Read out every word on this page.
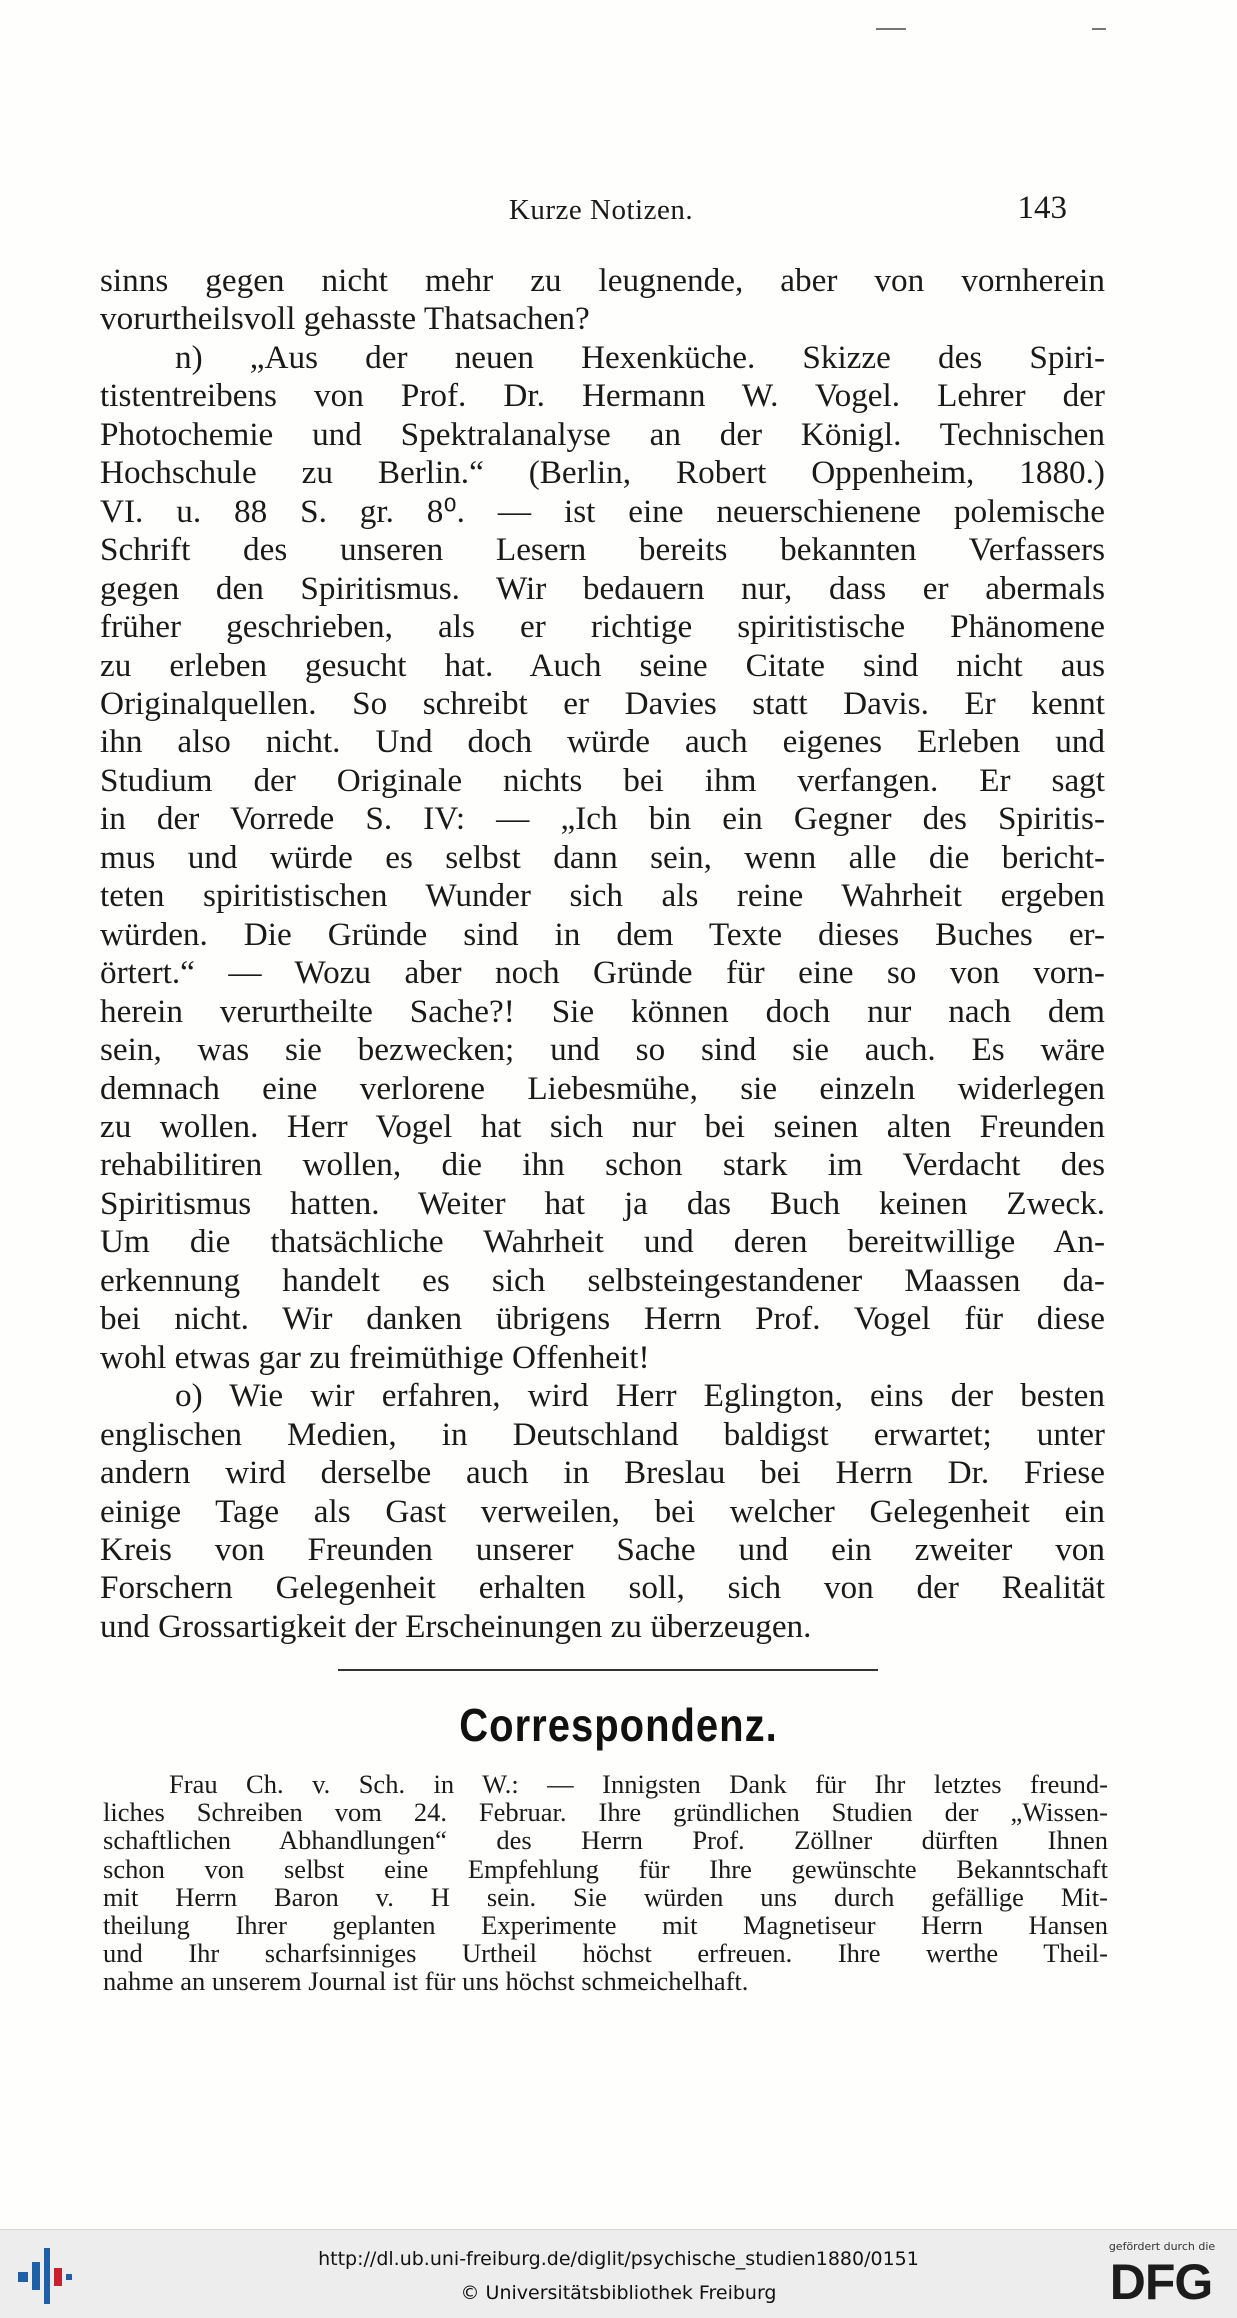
Kurze Notizen.	143
sinns gegen nicht mehr zu leugnende, aber von vornherein
vorurtheilsvoll gehasste Thatsachen?
n) „Aus der neuen Hexenküche. Skizze des Spiri-
tistentreibens von Prof. Dr. Hermann W. Vogel. Lehrer der
Photochemie und Spektralanalyse an der Königl. Technischen
Hochschule zu Berlin.“ (Berlin, Robert Oppenheim, 1880.)
VI. u. 88 S. gr. 8⁰. — ist eine neuerschienene polemische
Schrift des unseren Lesern bereits bekannten Verfassers
gegen den Spiritismus. Wir bedauern nur, dass er abermals
früher geschrieben, als er richtige spiritistische Phänomene
zu erleben gesucht hat. Auch seine Citate sind nicht aus
Originalquellen. So schreibt er Davies statt Davis. Er kennt
ihn also nicht. Und doch würde auch eigenes Erleben und
Studium der Originale nichts bei ihm verfangen. Er sagt
in der Vorrede S. IV: — „Ich bin ein Gegner des Spiritis-
mus und würde es selbst dann sein, wenn alle die bericht-
teten spiritistischen Wunder sich als reine Wahrheit ergeben
würden. Die Gründe sind in dem Texte dieses Buches er-
örtert.“ — Wozu aber noch Gründe für eine so von vorn-
herein verurtheilte Sache?! Sie können doch nur nach dem
sein, was sie bezwecken; und so sind sie auch. Es wäre
demnach eine verlorene Liebesmühe, sie einzeln widerlegen
zu wollen. Herr Vogel hat sich nur bei seinen alten Freunden
rehabilitiren wollen, die ihn schon stark im Verdacht des
Spiritismus hatten. Weiter hat ja das Buch keinen Zweck.
Um die thatsächliche Wahrheit und deren bereitwillige An-
erkennung handelt es sich selbsteingestandener Maassen da-
bei nicht. Wir danken übrigens Herrn Prof. Vogel für diese
wohl etwas gar zu freimüthige Offenheit!
o) Wie wir erfahren, wird Herr Eglington, eins der besten
englischen Medien, in Deutschland baldigst erwartet; unter
andern wird derselbe auch in Breslau bei Herrn Dr. Friese
einige Tage als Gast verweilen, bei welcher Gelegenheit ein
Kreis von Freunden unserer Sache und ein zweiter von
Forschern Gelegenheit erhalten soll, sich von der Realität
und Grossartigkeit der Erscheinungen zu überzeugen.
Correspondenz.
Frau Ch. v. Sch. in W.: — Innigsten Dank für Ihr letztes freund-
liches Schreiben vom 24. Februar. Ihre gründlichen Studien der „Wissen-
schaftlichen Abhandlungen“ des Herrn Prof. Zöllner dürften Ihnen
schon von selbst eine Empfehlung für Ihre gewünschte Bekanntschaft
mit Herrn Baron v. H sein. Sie würden uns durch gefällige Mit-
theilung Ihrer geplanten Experimente mit Magnetiseur Herrn Hansen
und Ihr scharfsinniges Urtheil höchst erfreuen. Ihre werthe Theil-
nahme an unserem Journal ist für uns höchst schmeichelhaft.
http://dl.ub.uni-freiburg.de/diglit/psychische_studien1880/0151
© Universitätsbibliothek Freiburg
gefördert durch die
DFG
